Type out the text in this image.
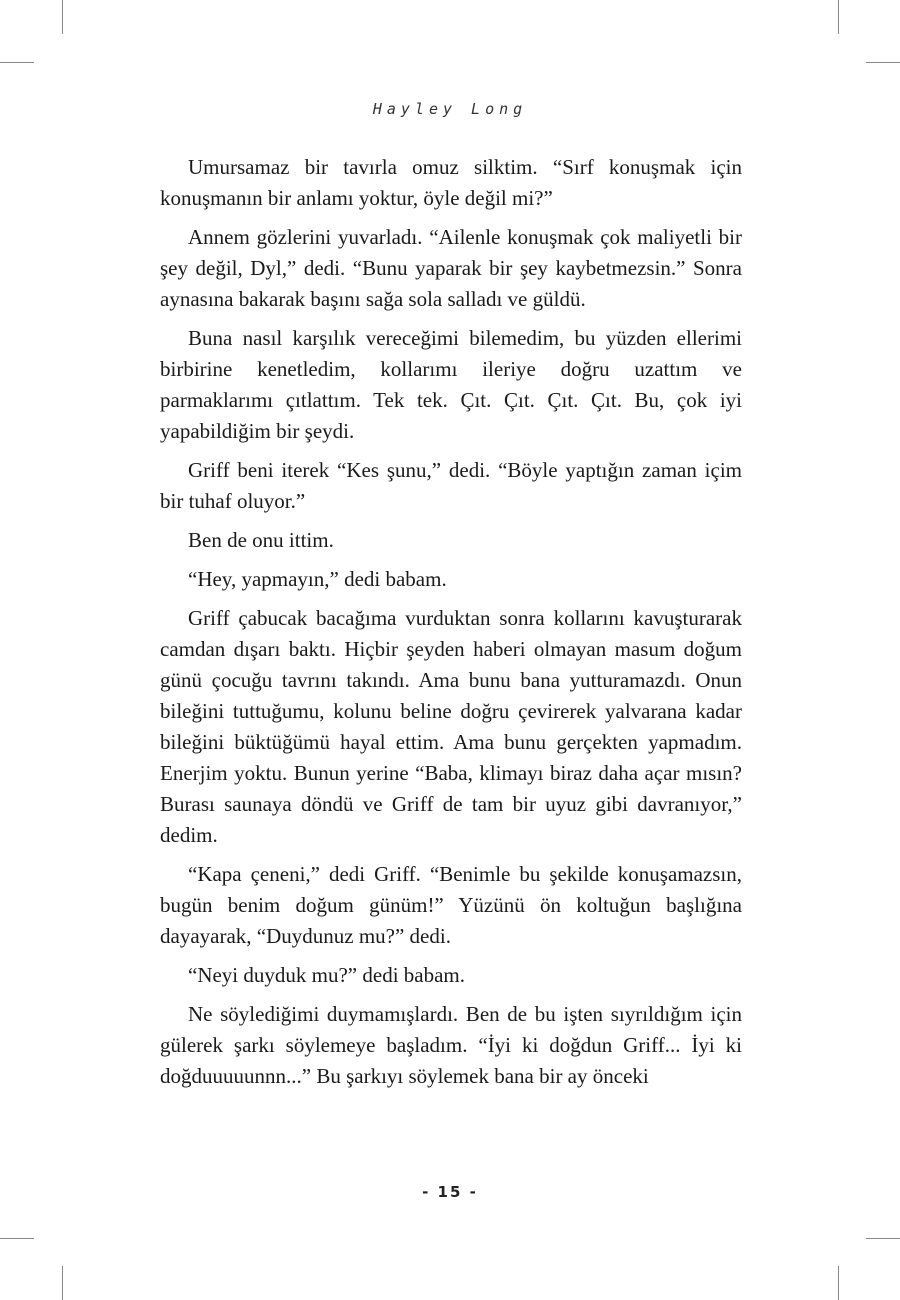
Hayley Long

Umursamaz bir tavırla omuz silktim. “Sırf konuşmak için konuşmanın bir anlamı yoktur, öyle değil mi?”

Annem gözlerini yuvarladı. “Ailenle konuşmak çok maliyetli bir şey değil, Dyl,” dedi. “Bunu yaparak bir şey kaybetmezsin.” Sonra aynasına bakarak başını sağa sola salladı ve güldü.

Buna nasıl karşılık vereceğimi bilemedim, bu yüzden ellerimi birbirine kenetledim, kollarımı ileriye doğru uzattım ve parmaklarımı çıtlattım. Tek tek. Çıt. Çıt. Çıt. Çıt. Bu, çok iyi yapabildiğim bir şeydi.

Griff beni iterek “Kes şunu,” dedi. “Böyle yaptığın zaman içim bir tuhaf oluyor.”

Ben de onu ittim.

“Hey, yapmayın,” dedi babam.

Griff çabucak bacağıma vurduktan sonra kollarını kavuşturarak camdan dışarı baktı. Hiçbir şeyden haberi olmayan masum doğum günü çocuğu tavrını takındı. Ama bunu bana yutturamazdı. Onun bileğini tuttuğumu, kolunu beline doğru çevirerek yalvarana kadar bileğini büktüğümü hayal ettim. Ama bunu gerçekten yapmadım. Enerjim yoktu. Bunun yerine “Baba, klimayı biraz daha açar mısın? Burası saunaya döndü ve Griff de tam bir uyuz gibi davranıyor,” dedim.

“Kapa çeneni,” dedi Griff. “Benimle bu şekilde konuşamazsın, bugün benim doğum günüm!” Yüzünü ön koltuğun başlığına dayayarak, “Duydunuz mu?” dedi.

“Neyi duyduk mu?” dedi babam.

Ne söylediğimi duymamışlardı. Ben de bu işten sıyrıldığım için gülerek şarkı söylemeye başladım. “İyi ki doğdun Griff... İyi ki doğduuuuunnn...” Bu şarkıyı söylemek bana bir ay önceki

- 15 -
